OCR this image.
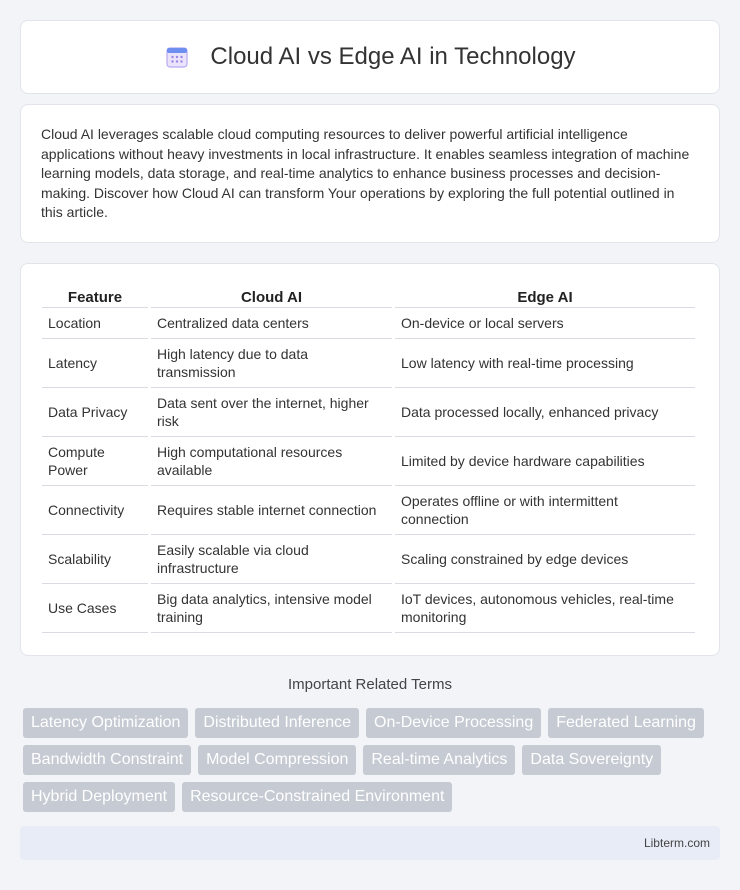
Cloud AI vs Edge AI in Technology

Cloud AI leverages scalable cloud computing resources to deliver powerful artificial intelligence applications without heavy investments in local infrastructure. It enables seamless integration of machine learning models, data storage, and real-time analytics to enhance business processes and decision-making. Discover how Cloud AI can transform Your operations by exploring the full potential outlined in this article.

Feature	Cloud AI	Edge AI
Location	Centralized data centers	On-device or local servers
Latency	High latency due to data transmission	Low latency with real-time processing
Data Privacy	Data sent over the internet, higher risk	Data processed locally, enhanced privacy
Compute Power	High computational resources available	Limited by device hardware capabilities
Connectivity	Requires stable internet connection	Operates offline or with intermittent connection
Scalability	Easily scalable via cloud infrastructure	Scaling constrained by edge devices
Use Cases	Big data analytics, intensive model training	IoT devices, autonomous vehicles, real-time monitoring
Important Related Terms
Latency Optimization	Distributed Inference	On-Device Processing	Federated Learning
Bandwidth Constraint	Model Compression	Real-time Analytics	Data Sovereignty
Hybrid Deployment	Resource-Constrained Environment
Libterm.com
